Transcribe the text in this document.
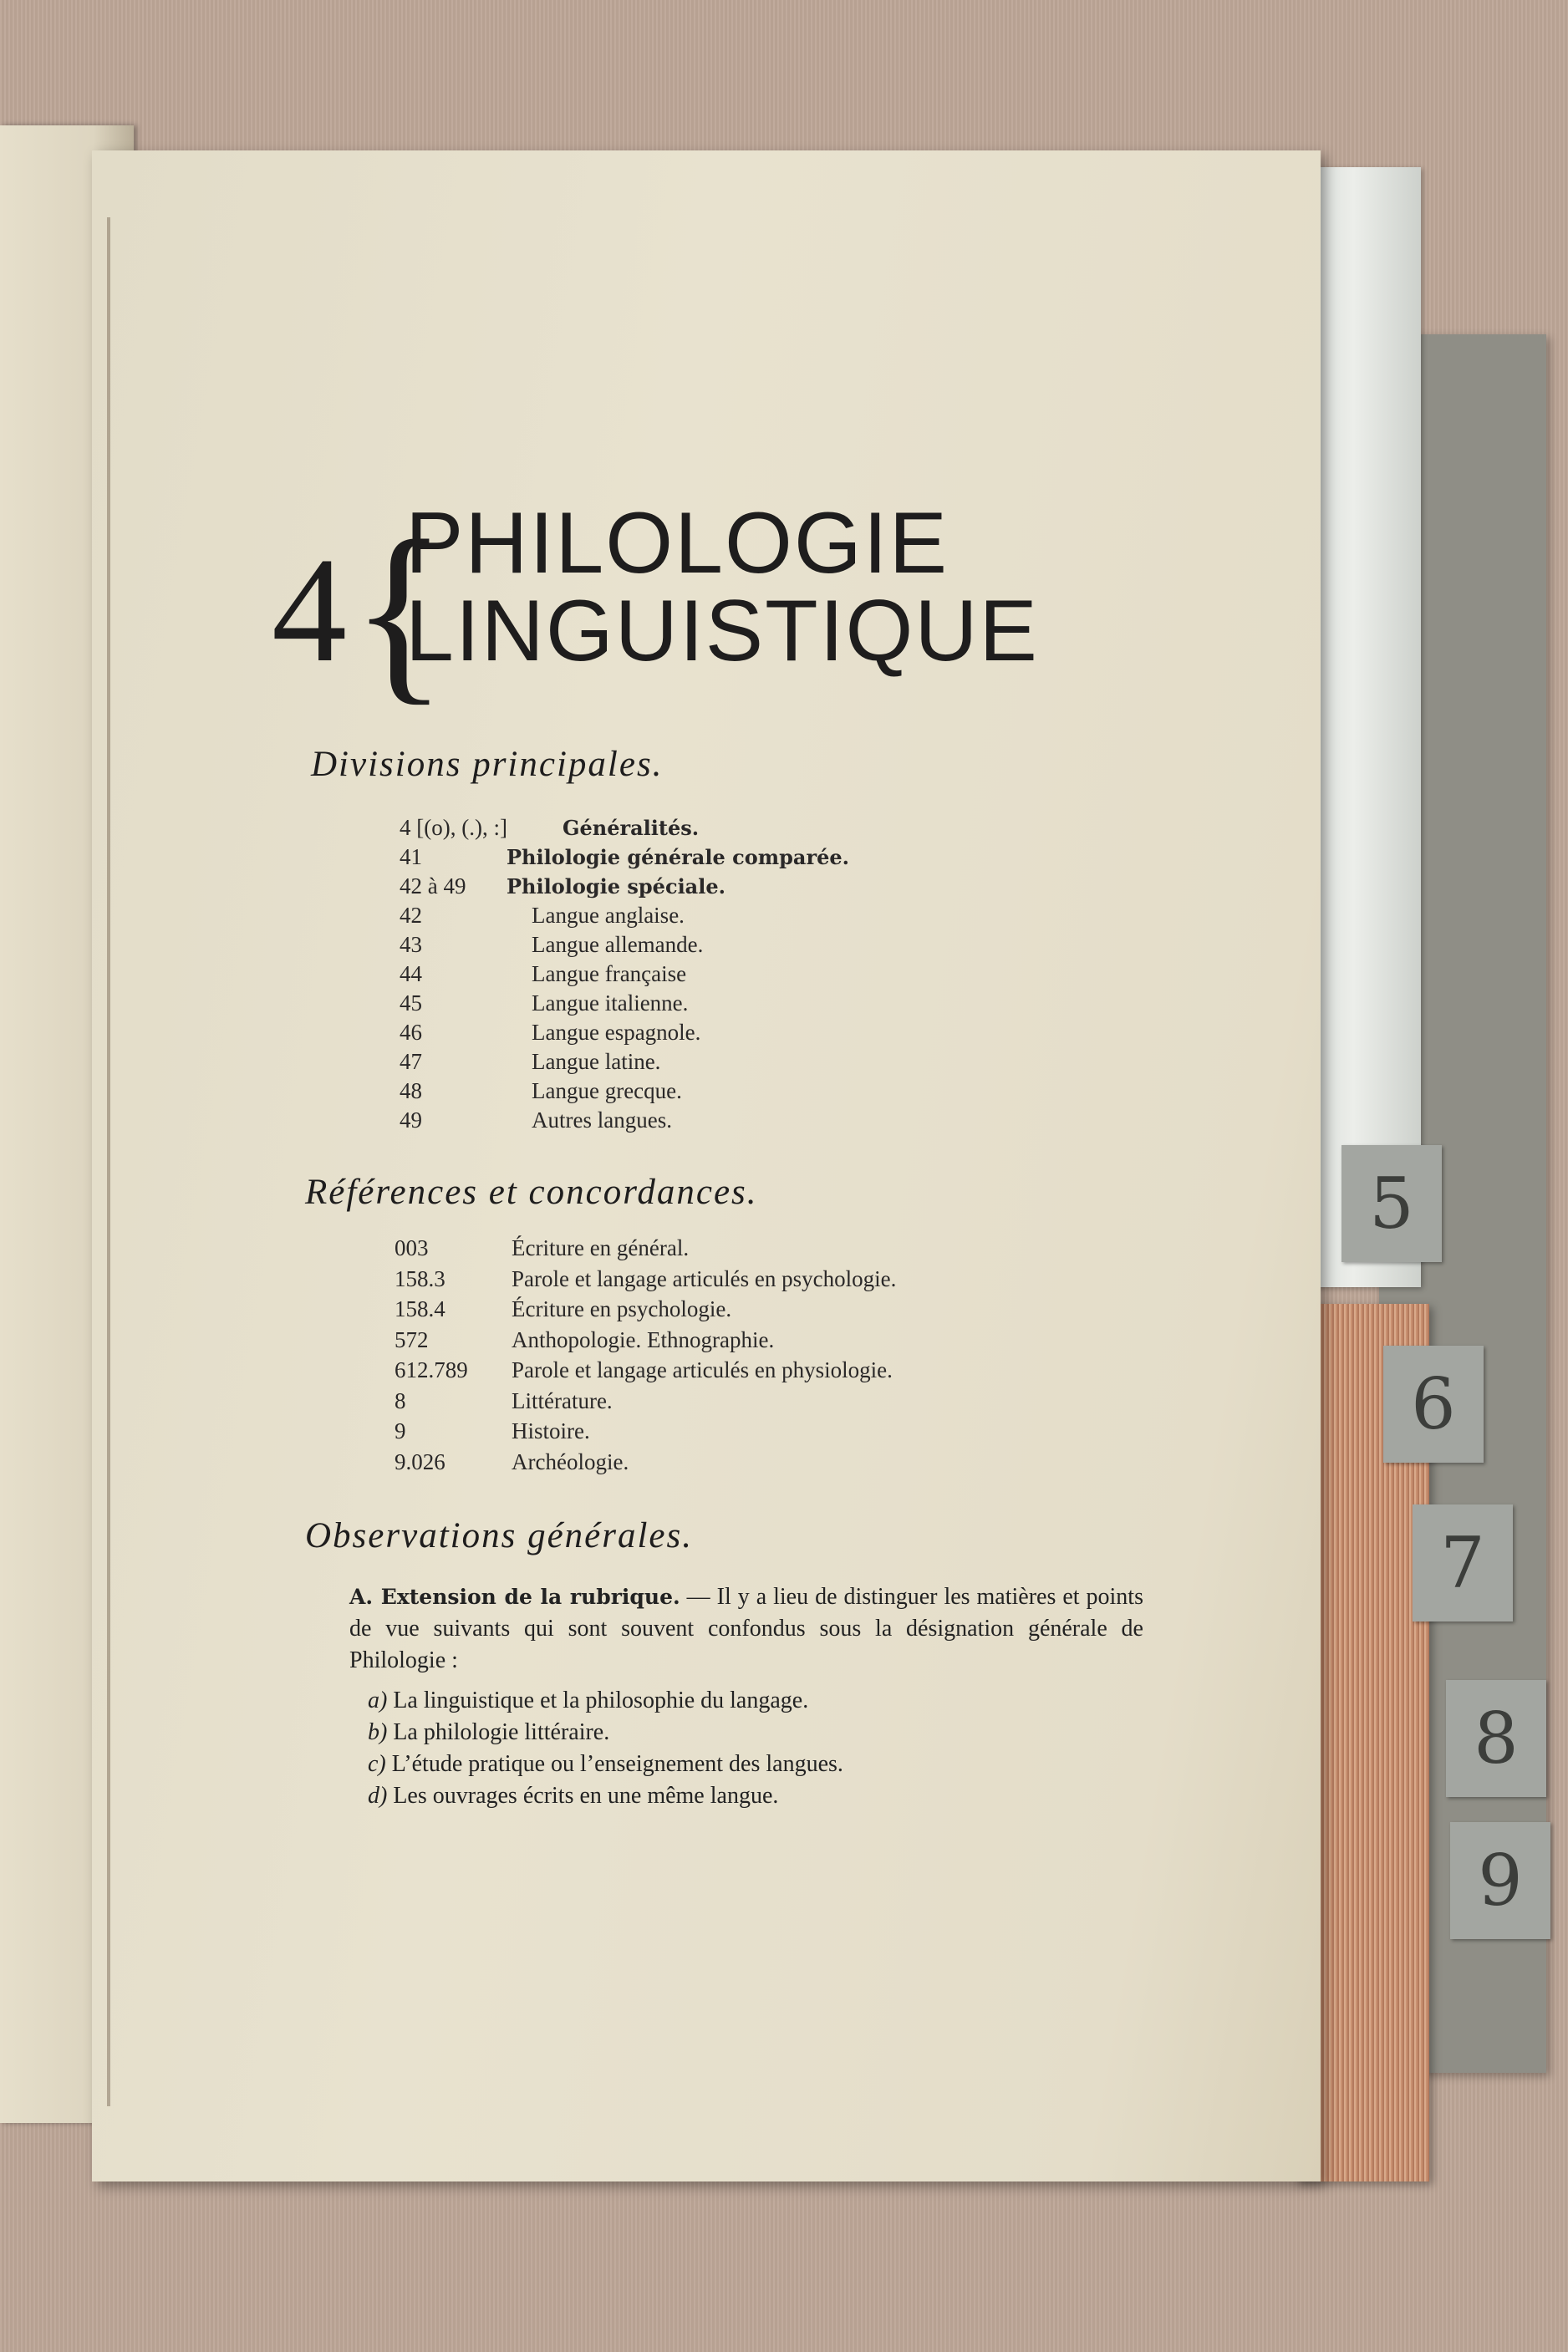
5
6
7
8
9
4 {
PHILOLOGIE
LINGUISTIQUE
Divisions principales.
4 [(o), (.), :]	Généralités.
41	Philologie générale comparée.
42 à 49 Philologie spéciale.
42	Langue anglaise.
43	Langue allemande.
44	Langue française
45	Langue italienne.
46	Langue espagnole.
47	Langue latine.
48	Langue grecque.
49	Autres langues.
Références et concordances.
003	Écriture en général.
158.3	Parole et langage articulés en psychologie.
158.4	Écriture en psychologie.
572	Anthopologie. Ethnographie.
612.789 Parole et langage articulés en physiologie.
8	Littérature.
9	Histoire.
9.026	Archéologie.
Observations générales.
A. Extension de la rubrique. — Il y a lieu de distinguer les matières et points de vue suivants qui sont souvent confondus sous la désignation générale de Philologie :
a) La linguistique et la philosophie du langage.
b) La philologie littéraire.
c) L’étude pratique ou l’enseignement des langues.
d) Les ouvrages écrits en une même langue.
